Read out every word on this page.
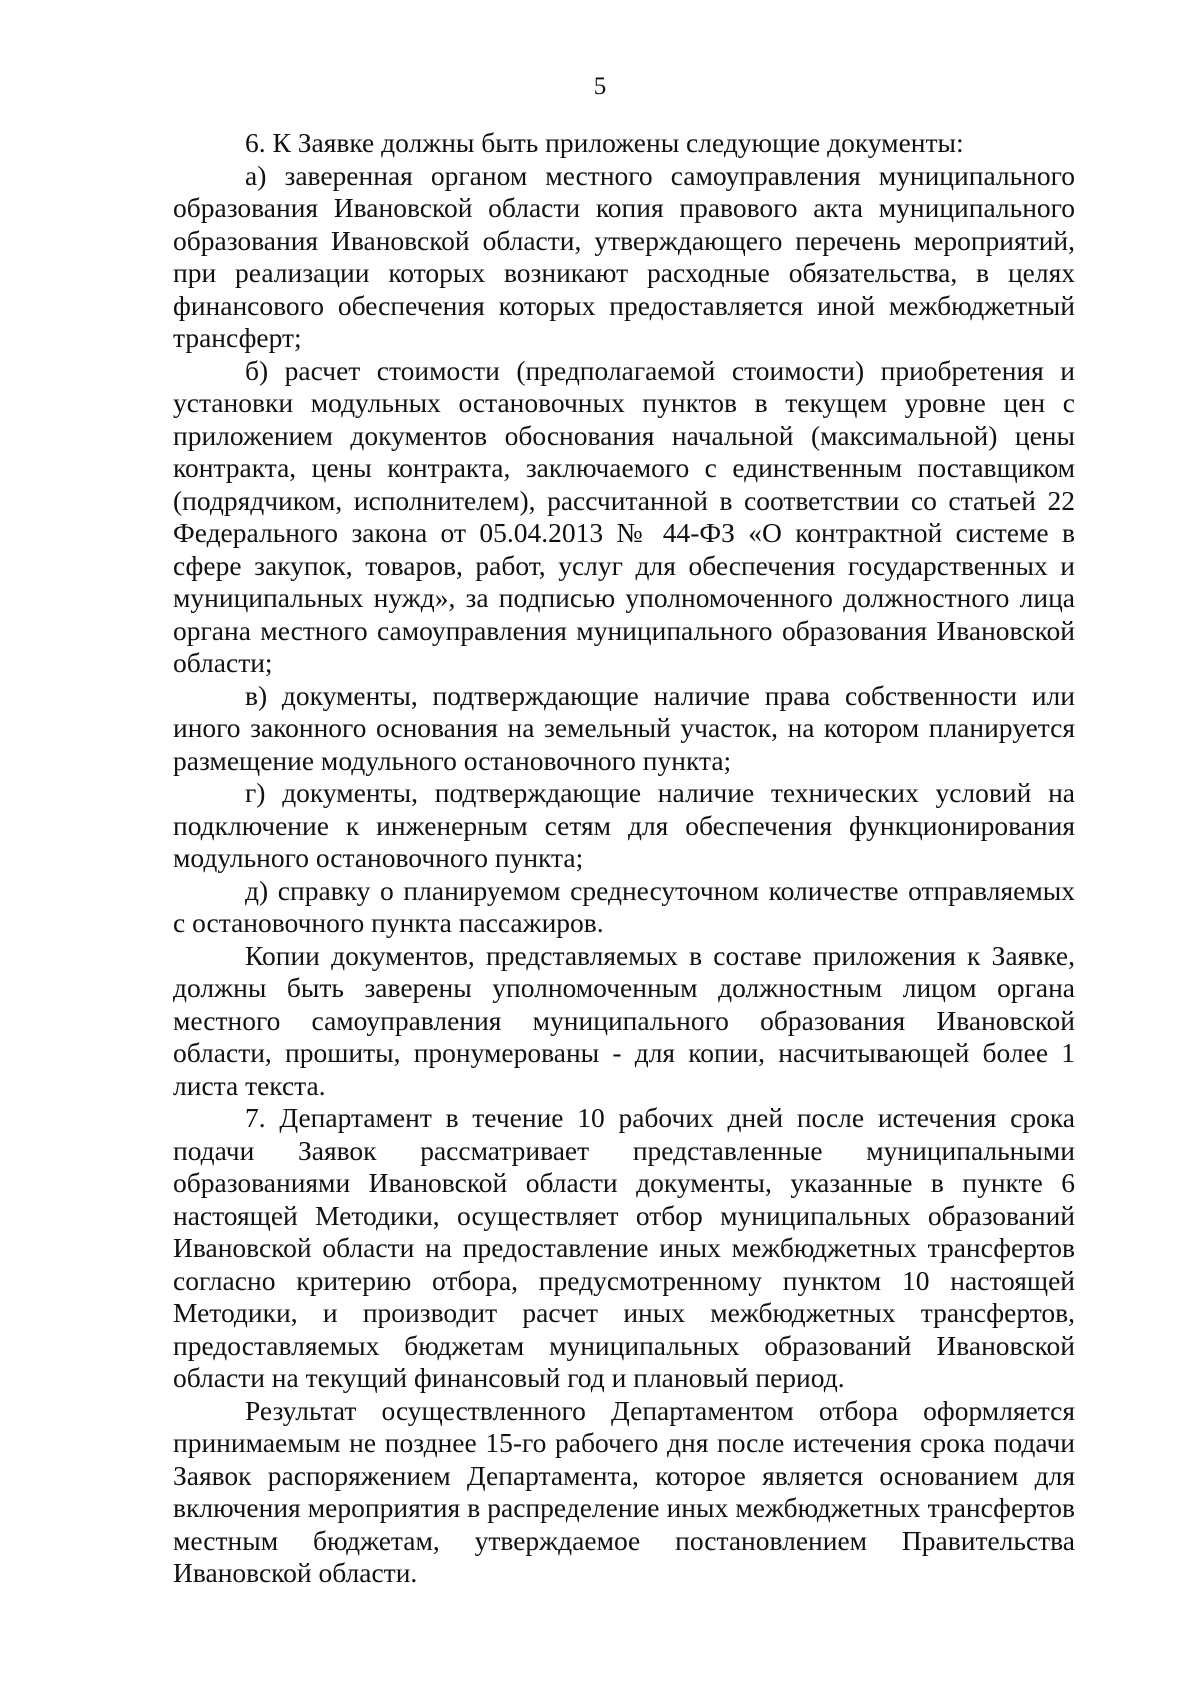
5

6. К Заявке должны быть приложены следующие документы:

а) заверенная органом местного самоуправления муниципального образования Ивановской области копия правового акта муниципального образования Ивановской области, утверждающего перечень мероприятий, при реализации которых возникают расходные обязательства, в целях финансового обеспечения которых предоставляется иной межбюджетный трансферт;

б) расчет стоимости (предполагаемой стоимости) приобретения и установки модульных остановочных пунктов в текущем уровне цен с приложением документов обоснования начальной (максимальной) цены контракта, цены контракта, заключаемого с единственным поставщиком (подрядчиком, исполнителем), рассчитанной в соответствии со статьей 22 Федерального закона от 05.04.2013 № 44-ФЗ «О контрактной системе в сфере закупок, товаров, работ, услуг для обеспечения государственных и муниципальных нужд», за подписью уполномоченного должностного лица органа местного самоуправления муниципального образования Ивановской области;

в) документы, подтверждающие наличие права собственности или иного законного основания на земельный участок, на котором планируется размещение модульного остановочного пункта;

г) документы, подтверждающие наличие технических условий на подключение к инженерным сетям для обеспечения функционирования модульного остановочного пункта;

д) справку о планируемом среднесуточном количестве отправляемых с остановочного пункта пассажиров.

Копии документов, представляемых в составе приложения к Заявке, должны быть заверены уполномоченным должностным лицом органа местного самоуправления муниципального образования Ивановской области, прошиты, пронумерованы - для копии, насчитывающей более 1 листа текста.

7. Департамент в течение 10 рабочих дней после истечения срока подачи Заявок рассматривает представленные муниципальными образованиями Ивановской области документы, указанные в пункте 6 настоящей Методики, осуществляет отбор муниципальных образований Ивановской области на предоставление иных межбюджетных трансфертов согласно критерию отбора, предусмотренному пунктом 10 настоящей Методики, и производит расчет иных межбюджетных трансфертов, предоставляемых бюджетам муниципальных образований Ивановской области на текущий финансовый год и плановый период.

Результат осуществленного Департаментом отбора оформляется принимаемым не позднее 15-го рабочего дня после истечения срока подачи Заявок распоряжением Департамента, которое является основанием для включения мероприятия в распределение иных межбюджетных трансфертов местным бюджетам, утверждаемое постановлением Правительства Ивановской области.
